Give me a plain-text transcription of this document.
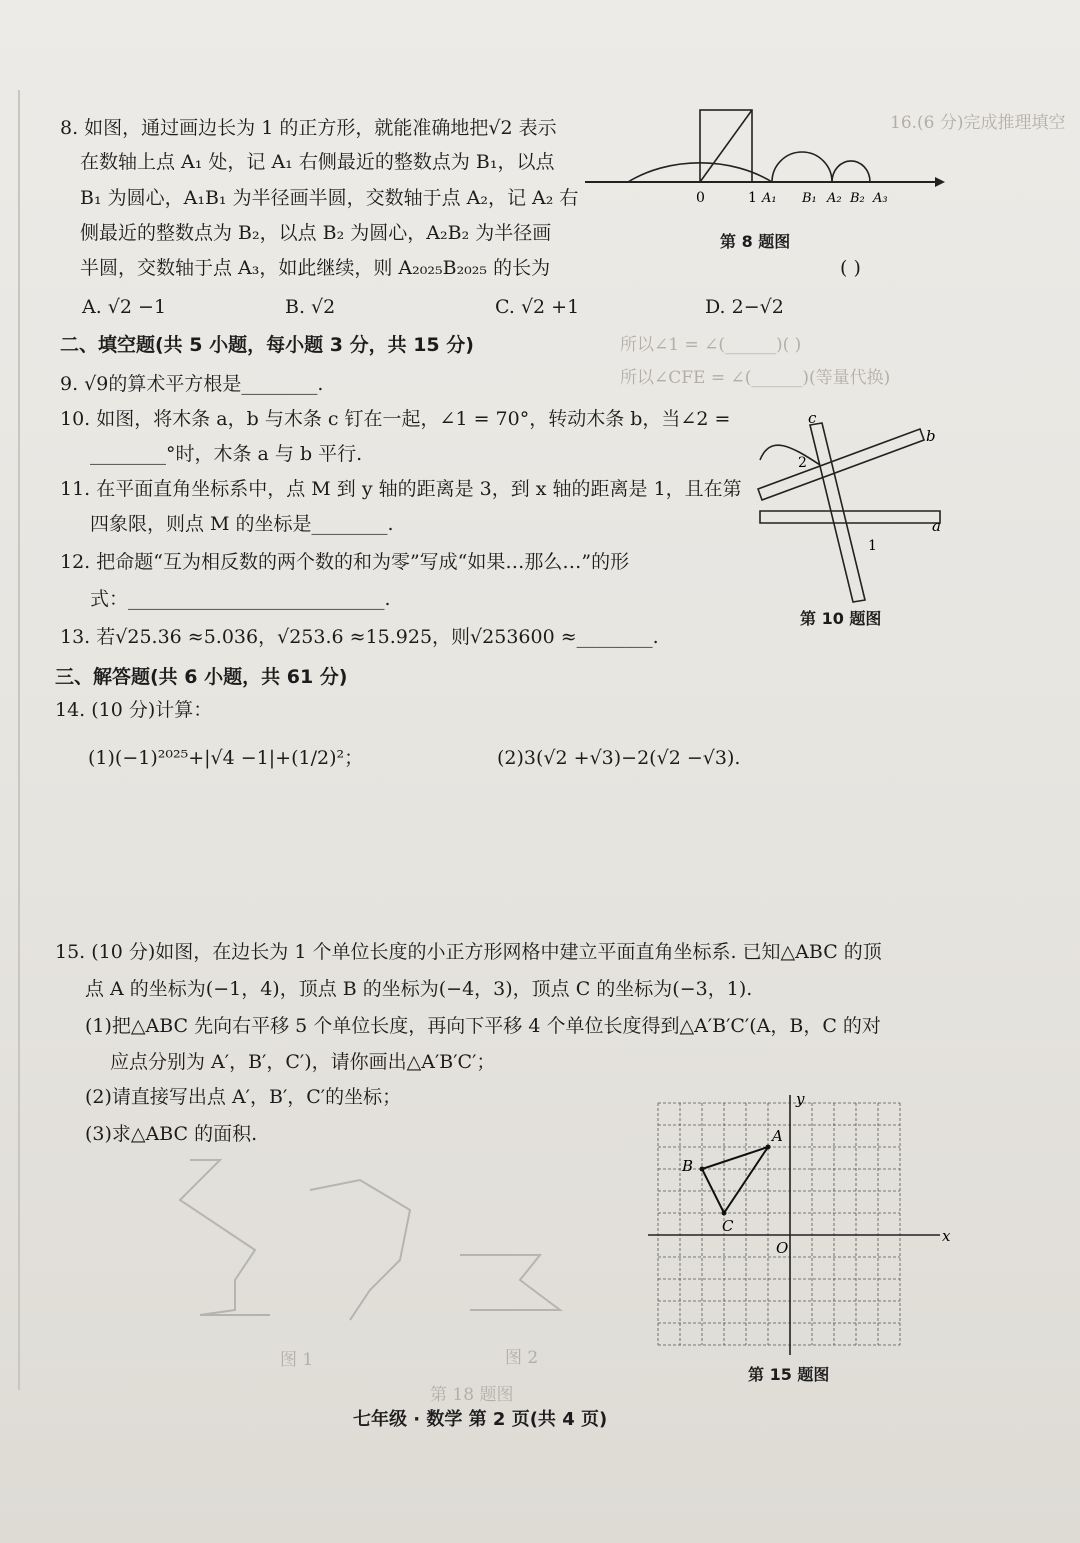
16.(6 分)完成推理填空
所以∠1 = ∠(______)( )
所以∠CFE = ∠(______)(等量代换)
第 18 题图
图 1	图 2
8. 如图，通过画边长为 1 的正方形，就能准确地把√2 表示
在数轴上点 A₁ 处，记 A₁ 右侧最近的整数点为 B₁，以点
B₁ 为圆心，A₁B₁ 为半径画半圆，交数轴于点 A₂，记 A₂ 右
侧最近的整数点为 B₂，以点 B₂ 为圆心，A₂B₂ 为半径画
半圆，交数轴于点 A₃，如此继续，则 A₂₀₂₅B₂₀₂₅ 的长为	( )
A. √2 −1	B. √2	C. √2 +1	D. 2−√2
0	1 A₁ B₁ A₂ B₂ A₃
第 8 题图
二、填空题(共 5 小题，每小题 3 分，共 15 分)
9. √9的算术平方根是________.
10. 如图，将木条 a，b 与木条 c 钉在一起，∠1 = 70°，转动木条 b，当∠2 =
________°时，木条 a 与 b 平行.
11. 在平面直角坐标系中，点 M 到 y 轴的距离是 3，到 x 轴的距离是 1，且在第
四象限，则点 M 的坐标是________.
12. 把命题“互为相反数的两个数的和为零”写成“如果…那么…”的形
式：___________________________.
13. 若√25.36 ≈5.036，√253.6 ≈15.925，则√253600 ≈________.
c
b
a
2
1
第 10 题图
三、解答题(共 6 小题，共 61 分)
14. (10 分)计算：
(1)(−1)²⁰²⁵+|√4 −1|+(1/2)²；	(2)3(√2 +√3)−2(√2 −√3).
15. (10 分)如图，在边长为 1 个单位长度的小正方形网格中建立平面直角坐标系. 已知△ABC 的顶
点 A 的坐标为(−1，4)，顶点 B 的坐标为(−4，3)，顶点 C 的坐标为(−3，1).
(1)把△ABC 先向右平移 5 个单位长度，再向下平移 4 个单位长度得到△A′B′C′(A，B，C 的对
应点分别为 A′，B′，C′)，请你画出△A′B′C′；
(2)请直接写出点 A′，B′，C′的坐标；
(3)求△ABC 的面积.	A
B
C
O
x
y
第 15 题图
七年级 · 数学 第 2 页(共 4 页)
